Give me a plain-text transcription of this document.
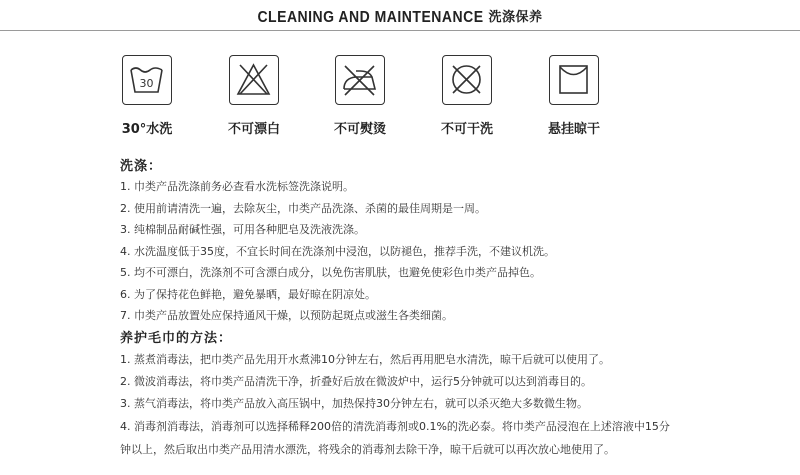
CLEANING AND MAINTENANCE 洗涤保养
30
30°水洗	不可漂白	不可熨烫	不可干洗	悬挂晾干
洗涤：
1. 巾类产品洗涤前务必查看水洗标签洗涤说明。
2. 使用前请清洗一遍，去除灰尘，巾类产品洗涤、杀菌的最佳周期是一周。
3. 纯棉制品耐碱性强，可用各种肥皂及洗液洗涤。
4. 水洗温度低于35度，不宜长时间在洗涤剂中浸泡，以防褪色，推荐手洗，不建议机洗。
5. 均不可漂白，洗涤剂不可含漂白成分，以免伤害肌肤，也避免使彩色巾类产品掉色。
6. 为了保持花色鲜艳，避免暴晒，最好晾在阴凉处。
7. 巾类产品放置处应保持通风干燥，以预防起斑点或滋生各类细菌。
养护毛巾的方法：
1. 蒸煮消毒法，把巾类产品先用开水煮沸10分钟左右，然后再用肥皂水清洗，晾干后就可以使用了。
2. 微波消毒法，将巾类产品清洗干净，折叠好后放在微波炉中，运行5分钟就可以达到消毒目的。
3. 蒸气消毒法，将巾类产品放入高压锅中，加热保持30分钟左右，就可以杀灭绝大多数微生物。
4. 消毒剂消毒法，消毒剂可以选择稀释200倍的清洗消毒剂或0.1%的洗必泰。将巾类产品浸泡在上述溶液中15分钟以上，然后取出巾类产品用清水漂洗，将残余的消毒剂去除干净，晾干后就可以再次放心地使用了。
